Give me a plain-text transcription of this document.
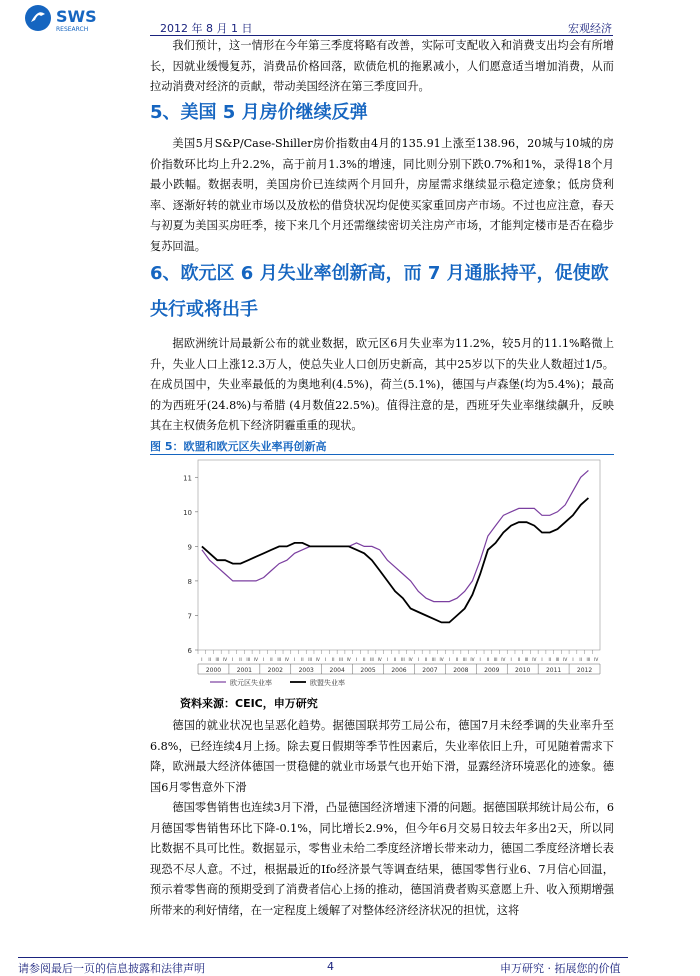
SWS
RESEARCH	2012 年 8 月 1 日	宏观经济

我们预计，这一情形在今年第三季度将略有改善，实际可支配收入和消费支出均会有所增长，因就业缓慢复苏，消费品价格回落，欧债危机的拖累减小，人们愿意适当增加消费，从而拉动消费对经济的贡献，带动美国经济在第三季度回升。

5、美国 5 月房价继续反弹

美国5月S&P/Case-Shiller房价指数由4月的135.91上涨至138.96，20城与10城的房价指数环比均上升2.2%，高于前月1.3%的增速，同比则分别下跌0.7%和1%，录得18个月最小跌幅。数据表明，美国房价已连续两个月回升，房屋需求继续显示稳定迹象；低房贷利率、逐渐好转的就业市场以及放松的借贷状况均促使买家重回房产市场。不过也应注意，春天与初夏为美国买房旺季，接下来几个月还需继续密切关注房产市场，才能判定楼市是否在稳步复苏回温。

6、欧元区 6 月失业率创新高，而 7 月通胀持平，促使欧央行或将出手

据欧洲统计局最新公布的就业数据，欧元区6月失业率为11.2%，较5月的11.1%略微上升，失业人口上涨12.3万人，使总失业人口创历史新高，其中25岁以下的失业人数超过1/5。在成员国中，失业率最低的为奥地利(4.5%)，荷兰(5.1%)，德国与卢森堡(均为5.4%)；最高的为西班牙(24.8%)与希腊 (4月数值22.5%)。值得注意的是，西班牙失业率继续飙升，反映其在主权债务危机下经济阴霾重重的现状。

图 5：欧盟和欧元区失业率再创新高
6
7
8
9
10
11
I II III IV I II III IV I II III IV I II III IV I II III IV I II III IV I II III IV I II III IV I II III IV I II III IV I II III IV I II III IV I II III IV
2000	2001	2002	2003	2004	2005	2006	2007	2008	2009	2010	2011	2012
欧元区失业率	欧盟失业率
资料来源：CEIC，申万研究

德国的就业状况也呈恶化趋势。据德国联邦劳工局公布，德国7月未经季调的失业率升至6.8%，已经连续4月上扬。除去夏日假期等季节性因素后，失业率依旧上升，可见随着需求下降，欧洲最大经济体德国一贯稳健的就业市场景气也开始下滑，显露经济环境恶化的迹象。德国6月零售意外下滑

德国零售销售也连续3月下滑，凸显德国经济增速下滑的问题。据德国联邦统计局公布，6月德国零售销售环比下降-0.1%，同比增长2.9%，但今年6月交易日较去年多出2天，所以同比数据不具可比性。数据显示，零售业未给二季度经济增长带来动力，德国二季度经济增长表现恐不尽人意。不过，根据最近的Ifo经济景气等调查结果，德国零售行业6、7月信心回温，预示着零售商的预期受到了消费者信心上扬的推动，德国消费者购买意愿上升、收入预期增强所带来的利好情绪，在一定程度上缓解了对整体经济经济状况的担忧，这将

请参阅最后一页的信息披露和法律声明	4	申万研究 · 拓展您的价值
